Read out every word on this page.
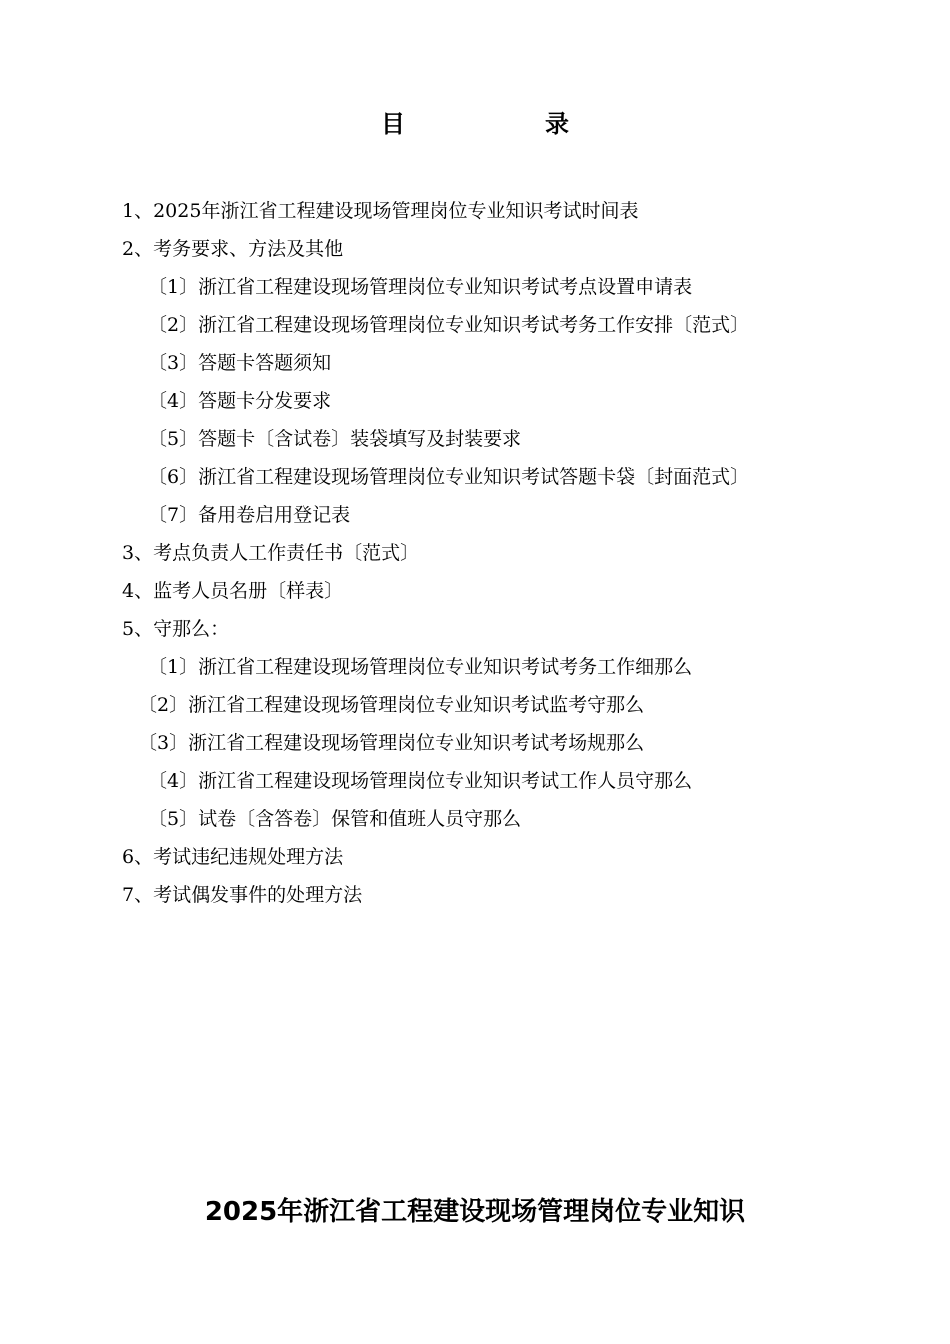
目	录
1、2025年浙江省工程建设现场管理岗位专业知识考试时间表
2、考务要求、方法及其他
〔1〕浙江省工程建设现场管理岗位专业知识考试考点设置申请表
〔2〕浙江省工程建设现场管理岗位专业知识考试考务工作安排〔范式〕
〔3〕答题卡答题须知
〔4〕答题卡分发要求
〔5〕答题卡〔含试卷〕装袋填写及封装要求
〔6〕浙江省工程建设现场管理岗位专业知识考试答题卡袋〔封面范式〕
〔7〕备用卷启用登记表
3、考点负责人工作责任书〔范式〕
4、监考人员名册〔样表〕
5、守那么：
〔1〕浙江省工程建设现场管理岗位专业知识考试考务工作细那么
〔2〕浙江省工程建设现场管理岗位专业知识考试监考守那么
〔3〕浙江省工程建设现场管理岗位专业知识考试考场规那么
〔4〕浙江省工程建设现场管理岗位专业知识考试工作人员守那么
〔5〕试卷〔含答卷〕保管和值班人员守那么
6、考试违纪违规处理方法
7、考试偶发事件的处理方法
2025年浙江省工程建设现场管理岗位专业知识
